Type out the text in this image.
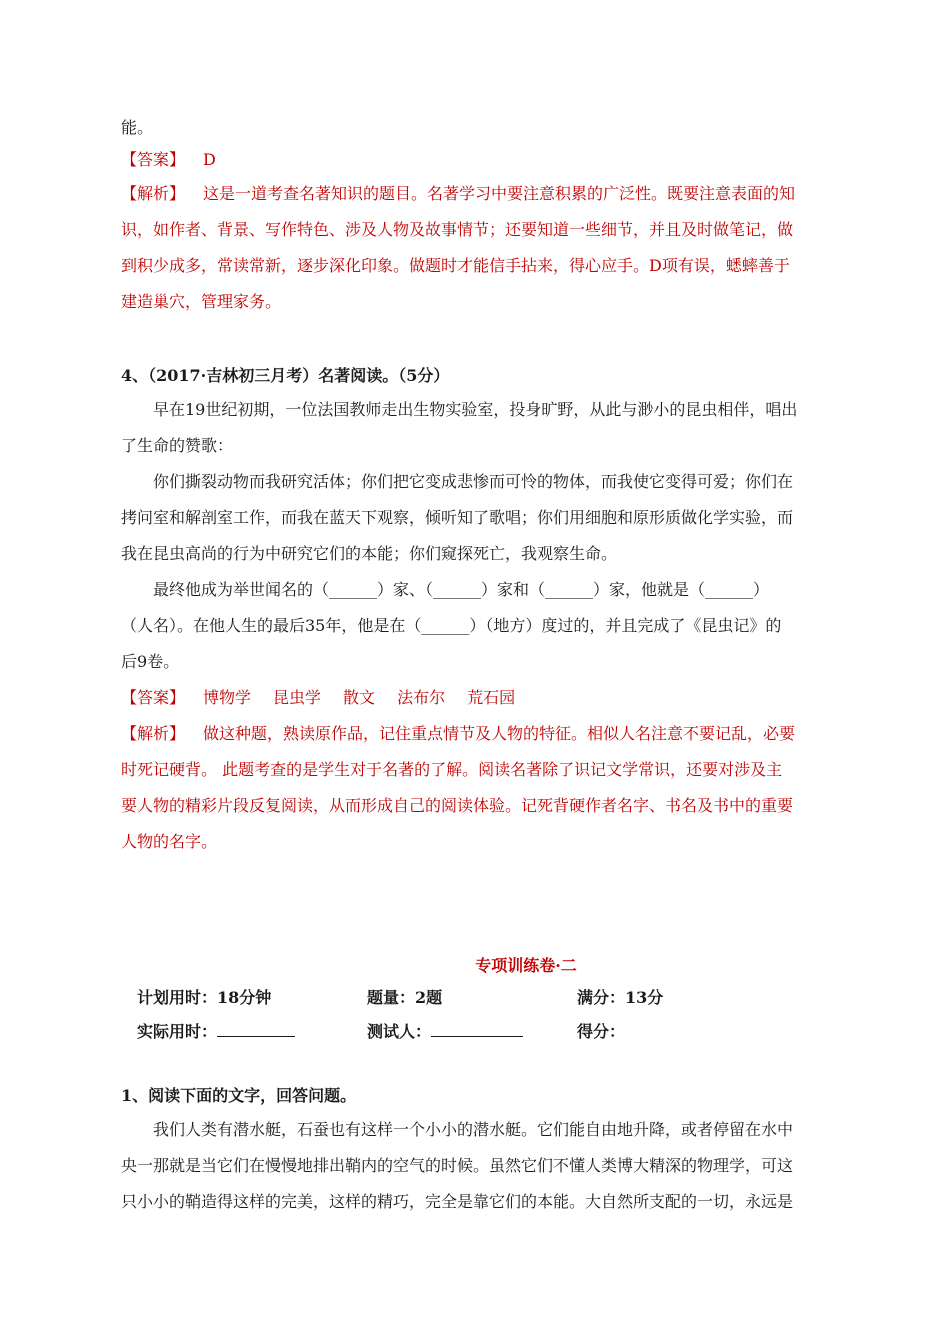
能。
【答案】 D
【解析】 这是一道考查名著知识的题目。名著学习中要注意积累的广泛性。既要注意表面的知
识，如作者、背景、写作特色、涉及人物及故事情节；还要知道一些细节，并且及时做笔记，做
到积少成多，常读常新，逐步深化印象。做题时才能信手拈来，得心应手。D项有误，蟋蟀善于
建造巢穴，管理家务。
4、（2017·吉林初三月考）名著阅读。（5分）
早在19世纪初期，一位法国教师走出生物实验室，投身旷野，从此与渺小的昆虫相伴，唱出
了生命的赞歌：
你们撕裂动物而我研究活体；你们把它变成悲惨而可怜的物体，而我使它变得可爱；你们在
拷问室和解剖室工作，而我在蓝天下观察，倾听知了歌唱；你们用细胞和原形质做化学实验，而
我在昆虫高尚的行为中研究它们的本能；你们窥探死亡，我观察生命。
最终他成为举世闻名的（______）家、（______）家和（______）家，他就是（______）
（人名）。在他人生的最后35年，他是在（______）（地方）度过的，并且完成了《昆虫记》的
后9卷。
【答案】 博物学 昆虫学 散文 法布尔 荒石园
【解析】 做这种题，熟读原作品，记住重点情节及人物的特征。相似人名注意不要记乱，必要
时死记硬背。 此题考查的是学生对于名著的了解。阅读名著除了识记文学常识，还要对涉及主
要人物的精彩片段反复阅读，从而形成自己的阅读体验。记死背硬作者名字、书名及书中的重要
人物的名字。
专项训练卷·二
计划用时：18分钟	题量：2题	满分：13分
实际用时：	测试人：	得分：
1、阅读下面的文字，回答问题。
我们人类有潜水艇，石蚕也有这样一个小小的潜水艇。它们能自由地升降，或者停留在水中
央一那就是当它们在慢慢地排出鞘内的空气的时候。虽然它们不懂人类博大精深的物理学，可这
只小小的鞘造得这样的完美，这样的精巧，完全是靠它们的本能。大自然所支配的一切，永远是
